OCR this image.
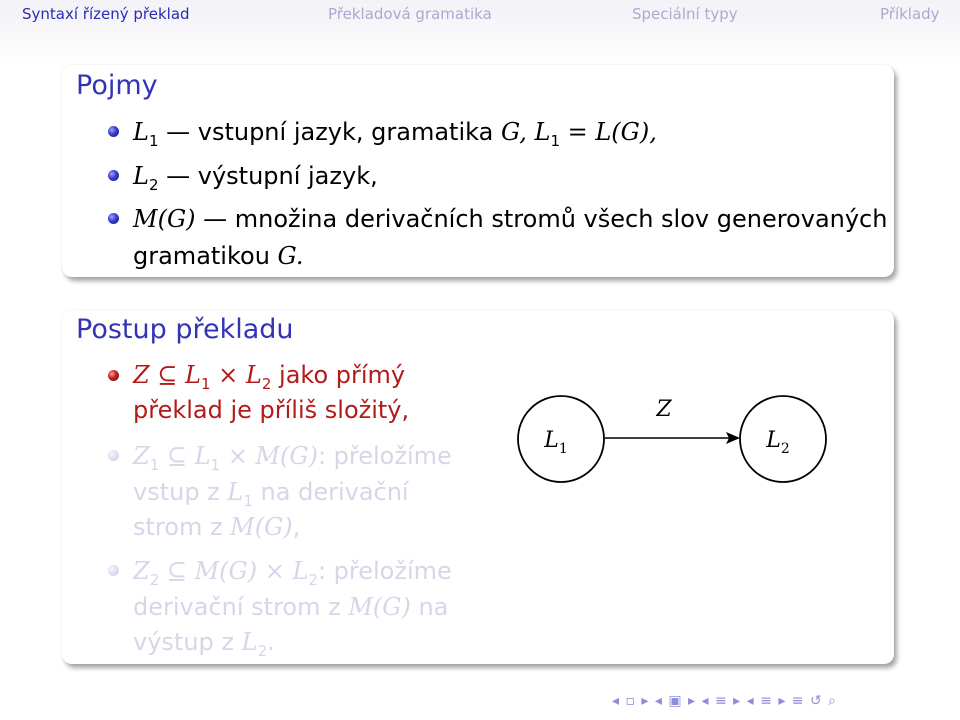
Syntaxí řízený překlad	Překladová gramatika	Speciální typy	Příklady
Pojmy
$L_1$ — vstupní jazyk, gramatika G, $L_1 = L(G)$,
$L_2$ — výstupní jazyk,
M(G) — množina derivačních stromů všech slov generovaných
gramatikou G.
Postup překladu
Z ⊆ $L_1 \times L_2$ jako přímý
překlad je příliš složitý,
$Z_1$ ⊆ $L_1 \times M(G)$: přeložíme
vstup z $L_1$ na derivační
strom z M(G),
$Z_2$ ⊆ $M(G) \times L_2$: přeložíme
derivační strom z M(G) na
výstup z $L_2$.
Z
$L_1$	$L_2$
◂ ▫ ▸ ◂ ▣ ▸ ◂ ≡ ▸ ◂ ≡ ▸ ≡ ↺ ⌕
